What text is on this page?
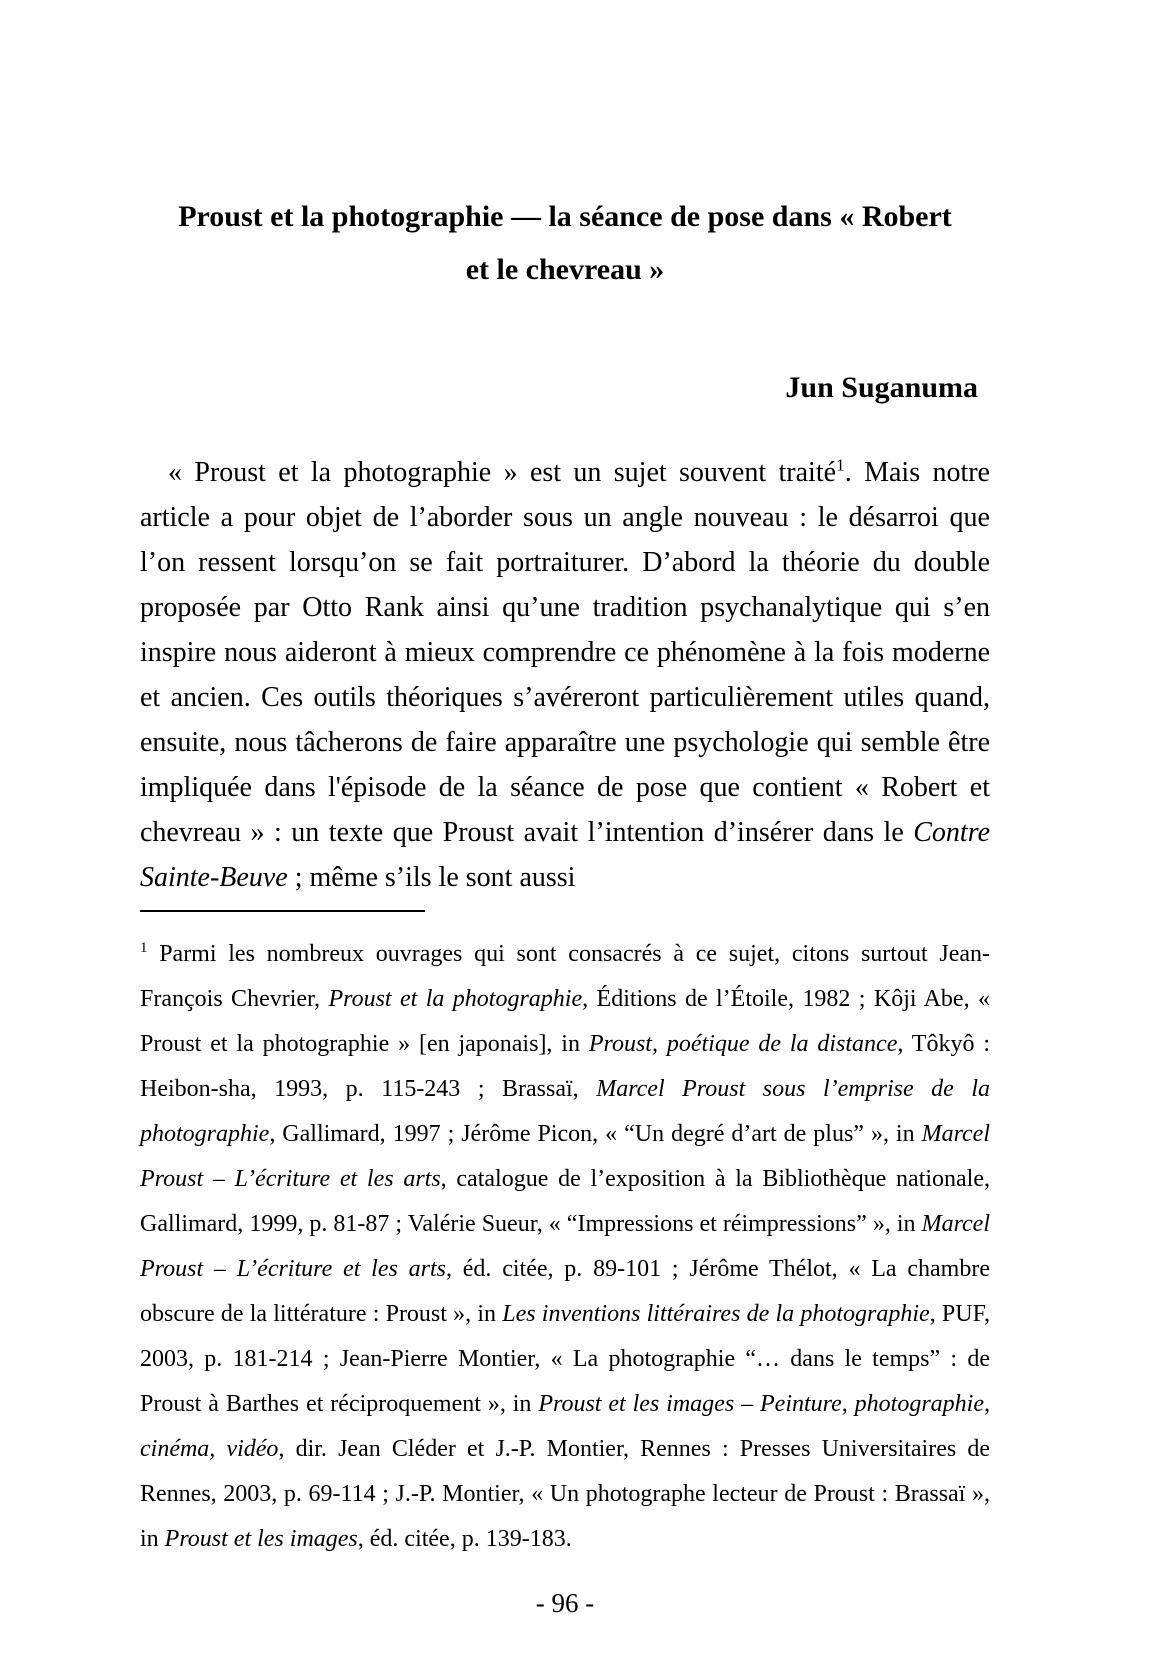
Proust et la photographie — la séance de pose dans « Robert
et le chevreau »
Jun Suganuma

« Proust et la photographie » est un sujet souvent traité$^1$. Mais notre article a pour objet de l’aborder sous un angle nouveau : le désarroi que l’on ressent lorsqu’on se fait portraiturer. D’abord la théorie du double proposée par Otto Rank ainsi qu’une tradition psychanalytique qui s’en inspire nous aideront à mieux comprendre ce phénomène à la fois moderne et ancien. Ces outils théoriques s’avéreront particulièrement utiles quand, ensuite, nous tâcherons de faire apparaître une psychologie qui semble être impliquée dans l'épisode de la séance de pose que contient « Robert et chevreau » : un texte que Proust avait l’intention d’insérer dans le Contre Sainte-Beuve ; même s’ils le sont aussi

$^1$ Parmi les nombreux ouvrages qui sont consacrés à ce sujet, citons surtout Jean-François Chevrier, Proust et la photographie, Éditions de l’Étoile, 1982 ; Kôji Abe, « Proust et la photographie » [en japonais], in Proust, poétique de la distance, Tôkyô : Heibon-sha, 1993, p. 115-243 ; Brassaï, Marcel Proust sous l’emprise de la photographie, Gallimard, 1997 ; Jérôme Picon, « “Un degré d’art de plus” », in Marcel Proust – L’écriture et les arts, catalogue de l’exposition à la Bibliothèque nationale, Gallimard, 1999, p. 81-87 ; Valérie Sueur, « “Impressions et réimpressions” », in Marcel Proust – L’écriture et les arts, éd. citée, p. 89-101 ; Jérôme Thélot, « La chambre obscure de la littérature : Proust », in Les inventions littéraires de la photographie, PUF, 2003, p. 181-214 ; Jean-Pierre Montier, « La photographie “… dans le temps” : de Proust à Barthes et réciproquement », in Proust et les images – Peinture, photographie, cinéma, vidéo, dir. Jean Cléder et J.-P. Montier, Rennes : Presses Universitaires de Rennes, 2003, p. 69-114 ; J.-P. Montier, « Un photographe lecteur de Proust : Brassaï », in Proust et les images, éd. citée, p. 139-183.

- 96 -
